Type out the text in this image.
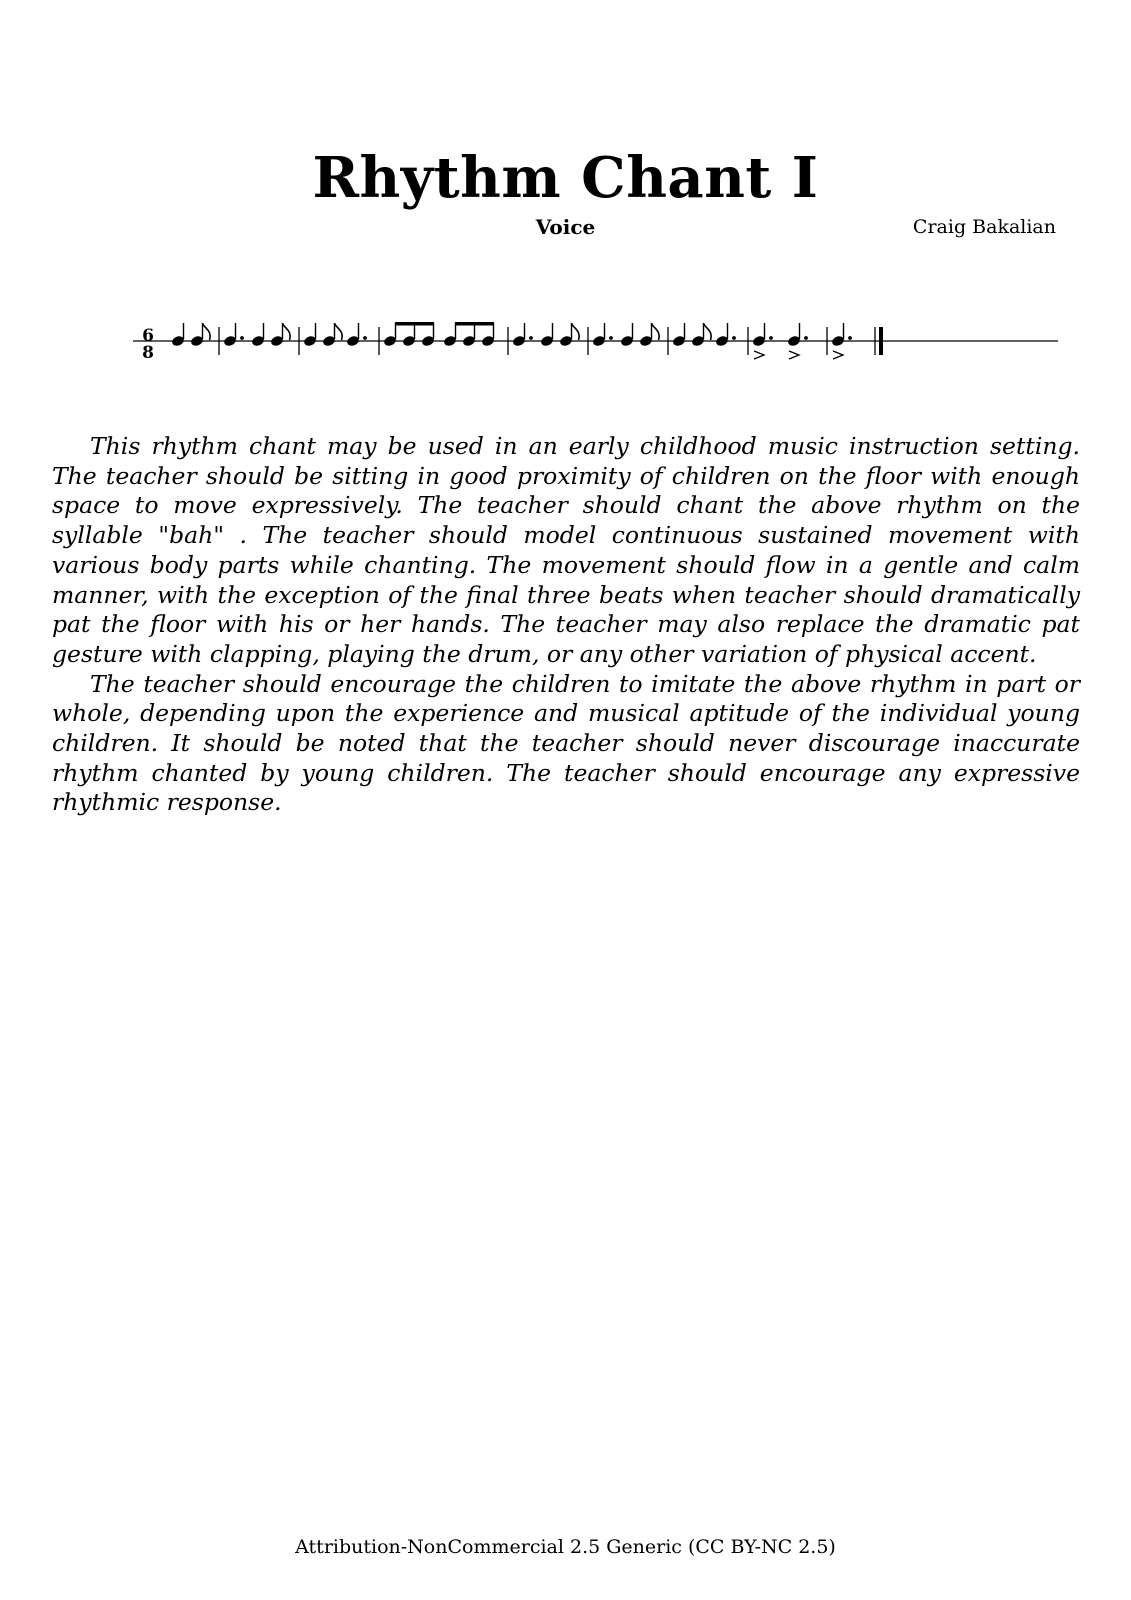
Rhythm Chant I
Voice	Craig Bakalian
6
8

This rhythm chant may be used in an early childhood music instruction setting. The teacher should be sitting in good proximity of children on the floor with enough space to move expressively. The teacher should chant the above rhythm on the syllable "bah" . The teacher should model continuous sustained movement with various body parts while chanting. The movement should flow in a gentle and calm manner, with the exception of the final three beats when teacher should dramatically pat the floor with his or her hands. The teacher may also replace the dramatic pat gesture with clapping, playing the drum, or any other variation of physical accent.

The teacher should encourage the children to imitate the above rhythm in part or whole, depending upon the experience and musical aptitude of the individual young children. It should be noted that the teacher should never discourage inaccurate rhythm chanted by young children. The teacher should encourage any expressive rhythmic response.

Attribution-NonCommercial 2.5 Generic (CC BY-NC 2.5)
